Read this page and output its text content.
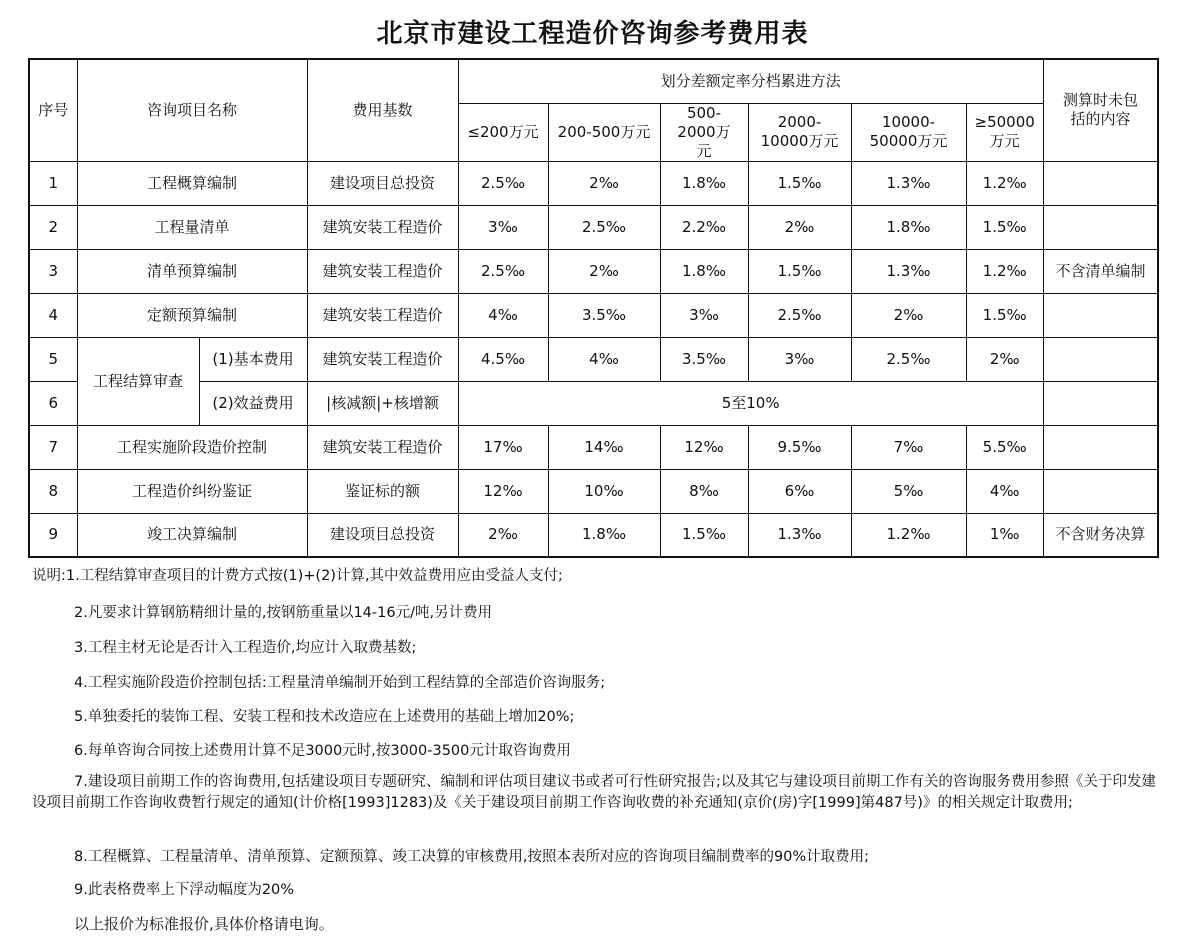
北京市建设工程造价咨询参考费用表
序号	咨询项目名称		费用基数	划分差额定率分档累进方法						测算时未包括的内容
				≤200万元	200-500万元	500-2000万元	2000-10000万元	10000-50000万元	≥50000万元	
1	工程概算编制		建设项目总投资	2.5‰	2‰	1.8‰	1.5‰	1.3‰	1.2‰	
2	工程量清单		建筑安装工程造价	3‰	2.5‰	2.2‰	2‰	1.8‰	1.5‰	
3	清单预算编制		建筑安装工程造价	2.5‰	2‰	1.8‰	1.5‰	1.3‰	1.2‰	不含清单编制
4	定额预算编制		建筑安装工程造价	4‰	3.5‰	3‰	2.5‰	2‰	1.5‰	
5	工程结算审查	(1)基本费用	建筑安装工程造价	4.5‰	4‰	3.5‰	3‰	2.5‰	2‰	
6		(2)效益费用	|核减额|+核增额	5至10%						
7	工程实施阶段造价控制		建筑安装工程造价	17‰	14‰	12‰	9.5‰	7‰	5.5‰	
8	工程造价纠纷鉴证		鉴证标的额	12‰	10‰	8‰	6‰	5‰	4‰	
9	竣工决算编制		建设项目总投资	2‰	1.8‰	1.5‰	1.3‰	1.2‰	1‰	不含财务决算
说明:1.工程结算审查项目的计费方式按(1)+(2)计算,其中效益费用应由受益人支付;
2.凡要求计算钢筋精细计量的,按钢筋重量以14-16元/吨,另计费用
3.工程主材无论是否计入工程造价,均应计入取费基数;
4.工程实施阶段造价控制包括:工程量清单编制开始到工程结算的全部造价咨询服务;
5.单独委托的装饰工程、安装工程和技术改造应在上述费用的基础上增加20%;
6.每单咨询合同按上述费用计算不足3000元时,按3000-3500元计取咨询费用
7.建设项目前期工作的咨询费用,包括建设项目专题研究、编制和评估项目建议书或者可行性研究报告;以及其它与建设项目前期工作有关的咨询服务费用参照《关于印发建设项目前期工作咨询收费暂行规定的通知(计价格[1993]1283)及《关于建设项目前期工作咨询收费的补充通知(京价(房)字[1999]第487号)》的相关规定计取费用;
8.工程概算、工程量清单、清单预算、定额预算、竣工决算的审核费用,按照本表所对应的咨询项目编制费率的90%计取费用;
9.此表格费率上下浮动幅度为20%
以上报价为标准报价,具体价格请电询。
